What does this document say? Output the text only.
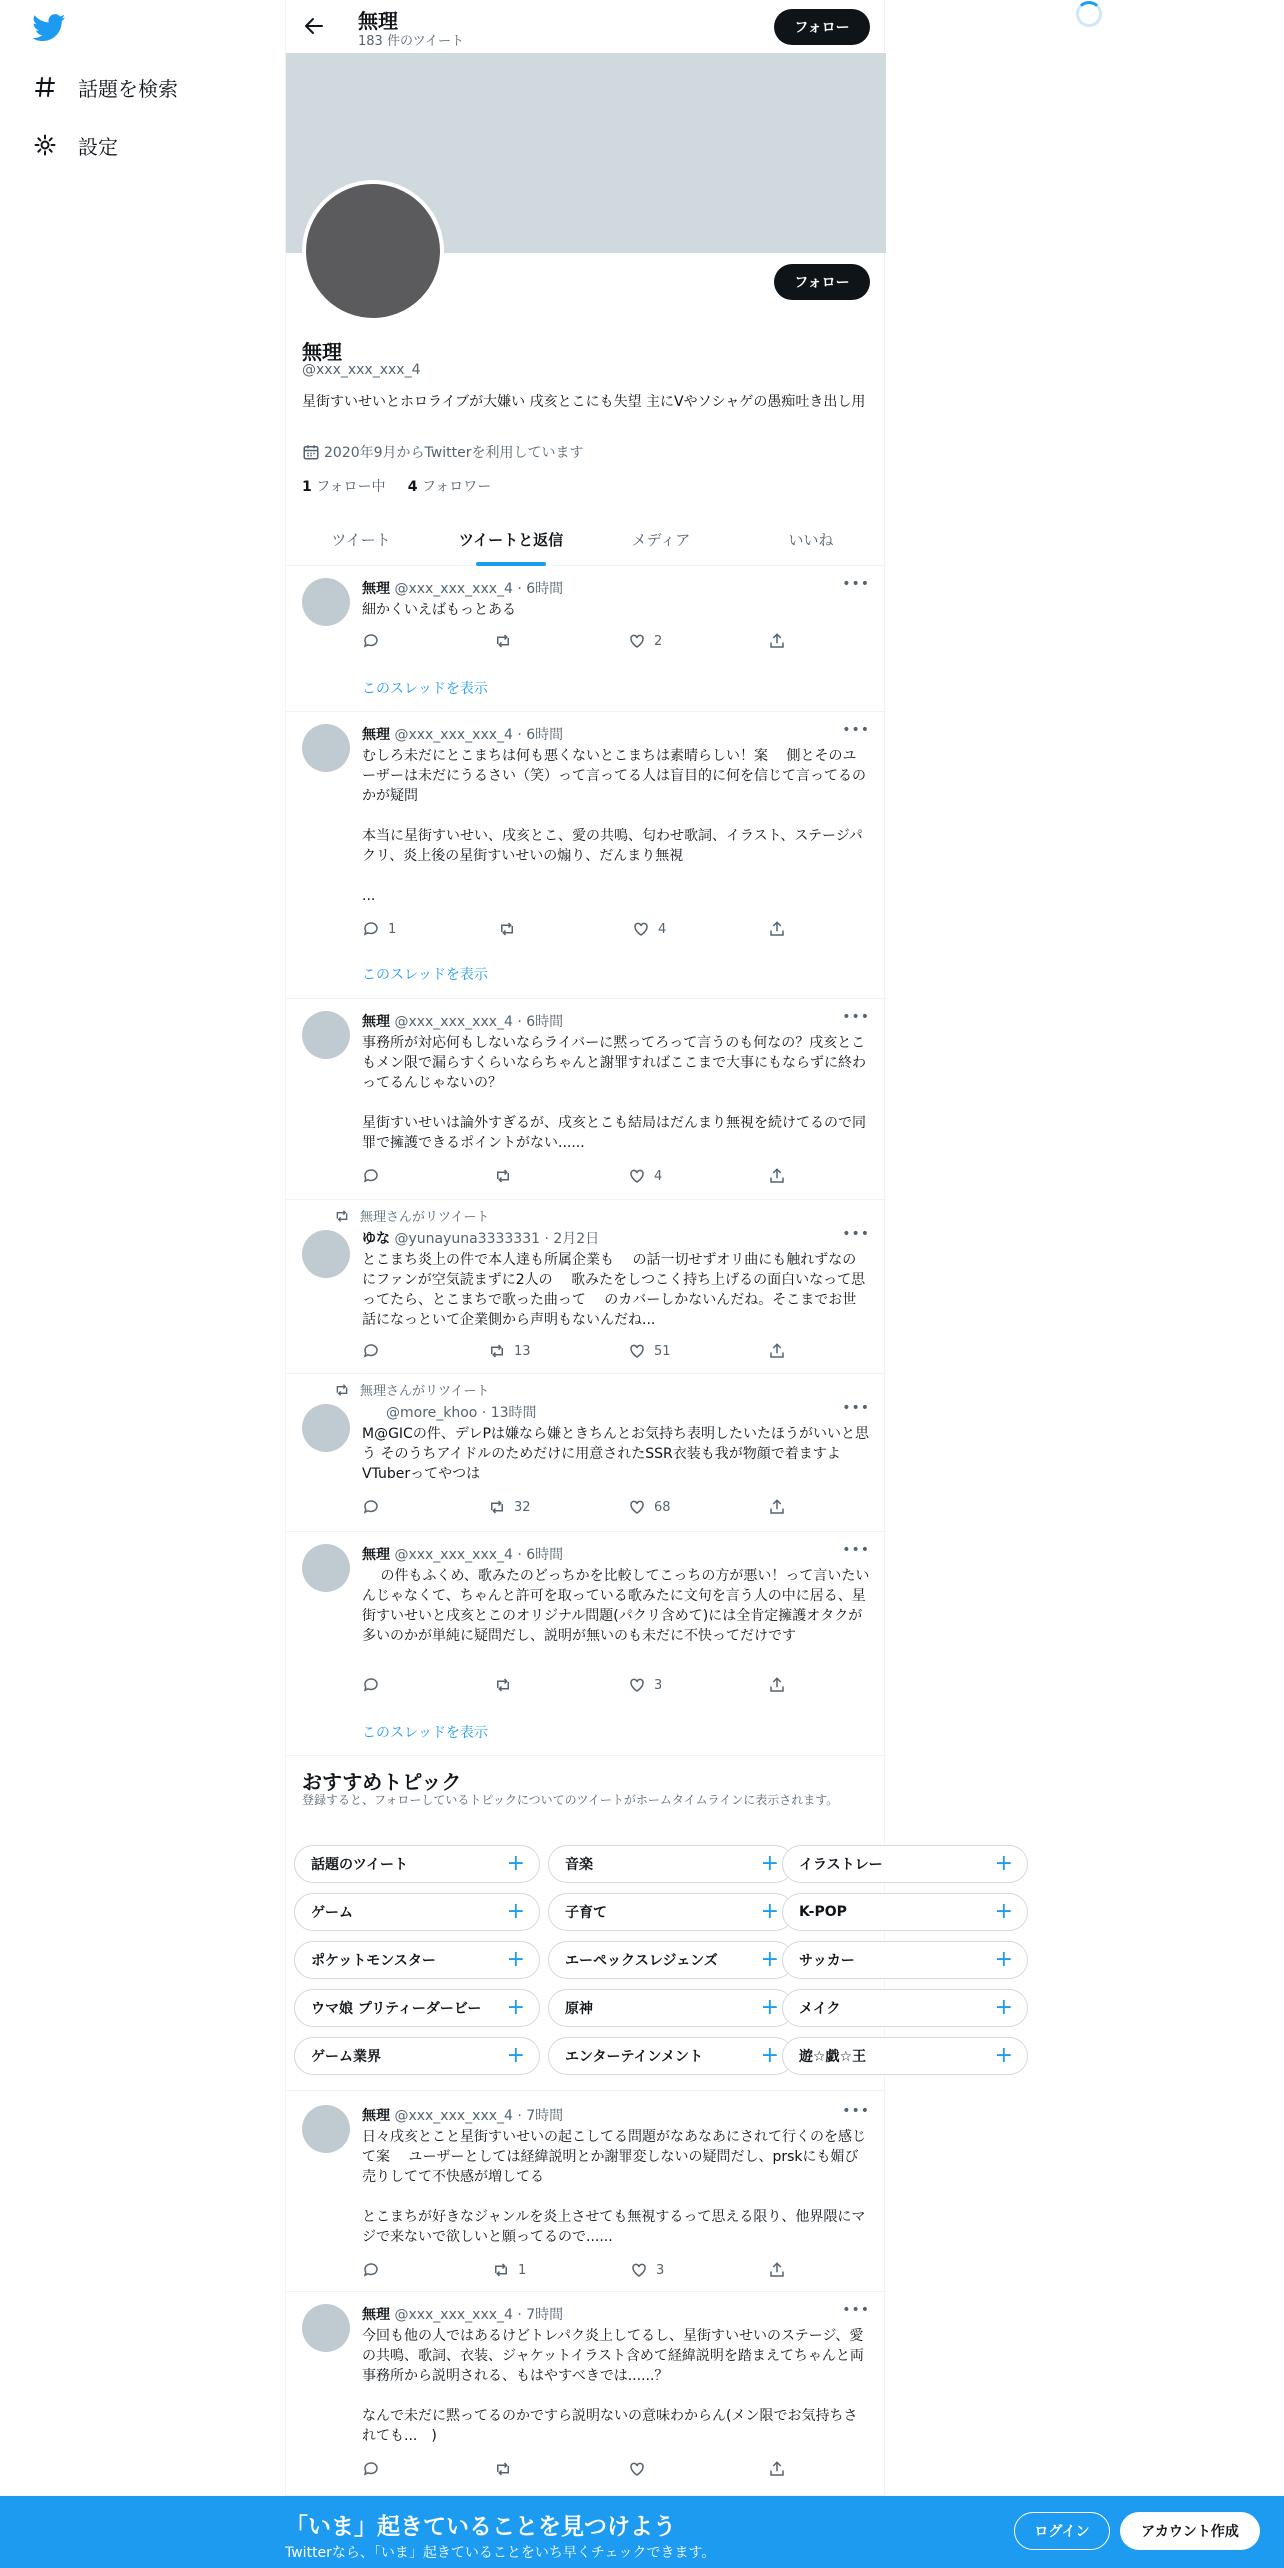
話題を検索
設定
無理
183 件のツイート
フォロー
フォロー
無理
@xxx_xxx_xxx_4
星街すいせいとホロライブが大嫌い 戌亥とこにも失望 主にVやソシャゲの愚痴吐き出し用
2020年9月からTwitterを利用しています
1 フォロー中 4 フォロワー
ツイート	ツイートと返信	メディア	いいね
無理 @xxx_xxx_xxx_4 · 6時間	•••
細かくいえばもっとある
2
このスレッドを表示
無理 @xxx_xxx_xxx_4 · 6時間	•••
むしろ未だにとこまちは何も悪くないとこまちは素晴らしい！案　 側とそのユーザーは未だにうるさい（笑）って言ってる人は盲目的に何を信じて言ってるのかが疑問

本当に星街すいせい、戌亥とこ、愛の共鳴、匂わせ歌詞、イラスト、ステージパクリ、炎上後の星街すいせいの煽り、だんまり無視

...
1	4
このスレッドを表示
無理 @xxx_xxx_xxx_4 · 6時間	•••
事務所が対応何もしないならライバーに黙ってろって言うのも何なの？戌亥とこもメン限で漏らすくらいならちゃんと謝罪すればここまで大事にもならずに終わってるんじゃないの？

星街すいせいは論外すぎるが、戌亥とこも結局はだんまり無視を続けてるので同罪で擁護できるポイントがない......
4
無理さんがリツイート
ゆな @yunayuna3333331 · 2月2日	•••
とこまち炎上の件で本人達も所属企業も　 の話一切せずオリ曲にも触れずなのにファンが空気読まずに2人の　 歌みたをしつこく持ち上げるの面白いなって思ってたら、とこまちで歌った曲って　 のカバーしかないんだね。そこまでお世話になっといて企業側から声明もないんだね...
13	51
無理さんがリツイート
@more_khoo · 13時間	•••
M@GICの件、デレPは嫌なら嫌ときちんとお気持ち表明したいたほうがいいと思う そのうちアイドルのためだけに用意されたSSR衣装も我が物顔で着ますよVTuberってやつは
32	68
無理 @xxx_xxx_xxx_4 · 6時間	•••
　 の件もふくめ、歌みたのどっちかを比較してこっちの方が悪い！って言いたいんじゃなくて、ちゃんと許可を取っている歌みたに文句を言う人の中に居る、星街すいせいと戌亥とこのオリジナル問題(パクリ含めて)には全肯定擁護オタクが多いのかが単純に疑問だし、説明が無いのも未だに不快ってだけです
3
このスレッドを表示
おすすめトピック
登録すると、フォローしているトピックについてのツイートがホームタイムラインに表示されます。
話題のツイート	+	音楽	+ イラストレー	+
ゲーム	+	子育て	+ K-POP	+
ポケットモンスター	+	エーペックスレジェンズ + サッカー	+
ウマ娘 プリティーダービー +	原神	+ メイク	+
ゲーム業界	+	エンターテインメント	+ 遊☆戯☆王	+
無理 @xxx_xxx_xxx_4 · 7時間	•••
日々戌亥とこと星街すいせいの起こしてる問題がなあなあにされて行くのを感じて案　 ユーザーとしては経緯説明とか謝罪変しないの疑問だし、prskにも媚び売りしてて不快感が増してる

とこまちが好きなジャンルを炎上させても無視するって思える限り、他界隈にマジで来ないで欲しいと願ってるので......
1	3
無理 @xxx_xxx_xxx_4 · 7時間	•••
今回も他の人ではあるけどトレパク炎上してるし、星街すいせいのステージ、愛の共鳴、歌詞、衣装、ジャケットイラスト含めて経緯説明を踏まえてちゃんと両事務所から説明される、もはやすべきでは......？

なんで未だに黙ってるのかですら説明ないの意味わからん(メン限でお気持ちされても...　)
「いま」起きていることを見つけよう
Twitterなら、「いま」起きていることをいち早くチェックできます。
ログイン	アカウント作成
